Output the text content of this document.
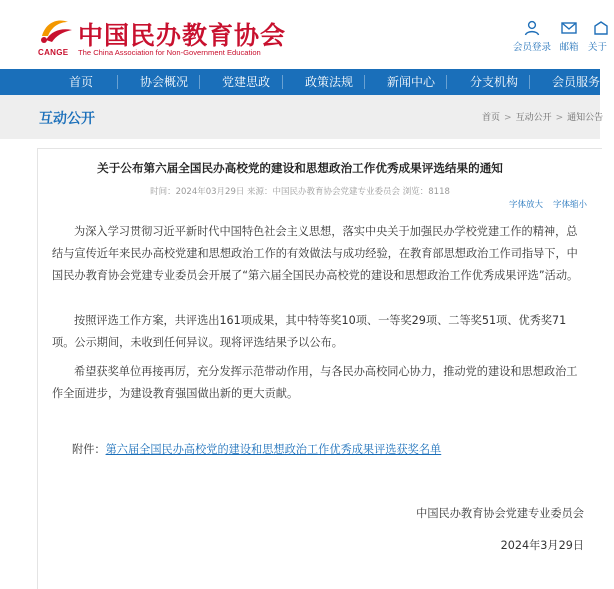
中国民办教育协会
CANGE The China Association for Non-Government Education	会员登录 邮箱	关于
首页	协会概况	党建思政	政策法规	新闻中心	分支机构	会员服务
互动公开	首页 > 互动公开 > 通知公告
关于公布第六届全国民办高校党的建设和思想政治工作优秀成果评选结果的通知
时间：2024年03月29日 来源：中国民办教育协会党建专业委员会 浏览：8118
字体放大 字体缩小
为深入学习贯彻习近平新时代中国特色社会主义思想，落实中央关于加强民办学校党建工作的精神，总结与宣传近年来民办高校党建和思想政治工作的有效做法与成功经验，在教育部思想政治工作司指导下，中国民办教育协会党建专业委员会开展了“第六届全国民办高校党的建设和思想政治工作优秀成果评选”活动。
按照评选工作方案，共评选出161项成果，其中特等奖10项、一等奖29项、二等奖51项、优秀奖71项。公示期间，未收到任何异议。现将评选结果予以公布。
希望获奖单位再接再厉，充分发挥示范带动作用，与各民办高校同心协力，推动党的建设和思想政治工作全面进步，为建设教育强国做出新的更大贡献。
附件：第六届全国民办高校党的建设和思想政治工作优秀成果评选获奖名单
中国民办教育协会党建专业委员会
2024年3月29日
